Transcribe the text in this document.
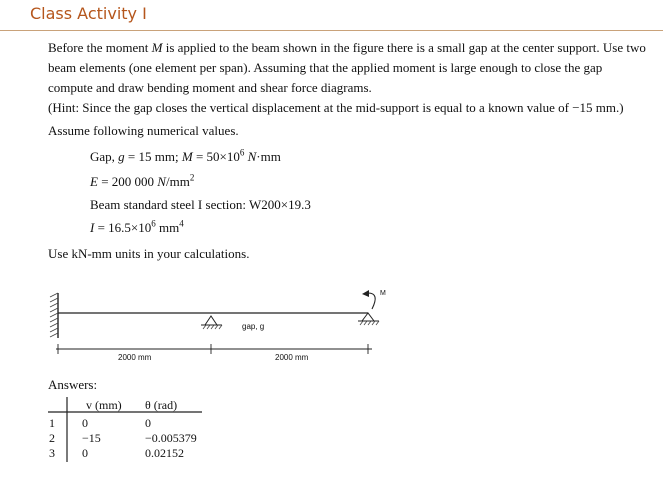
Class Activity I

Before the moment M is applied to the beam shown in the figure there is a small gap at the center support. Use two beam elements (one element per span). Assuming that the applied moment is large enough to close the gap compute and draw bending moment and shear force diagrams.

(Hint: Since the gap closes the vertical displacement at the mid-support is equal to a known value of −15 mm.)

Assume following numerical values.

Gap, g = 15 mm; $M = 50\times 10^6$ N·mm
E = 200 000 $N/mm^2$
Beam standard steel I section: W200×19.3
$I = 16.5\times 10^6$ $mm^4$

Use kN-mm units in your calculations.

gap, g
M
2000 mm	2000 mm
Answers:
v (mm) θ (rad)
1 0	0
2 −15	−0.005379
3 0	0.02152
